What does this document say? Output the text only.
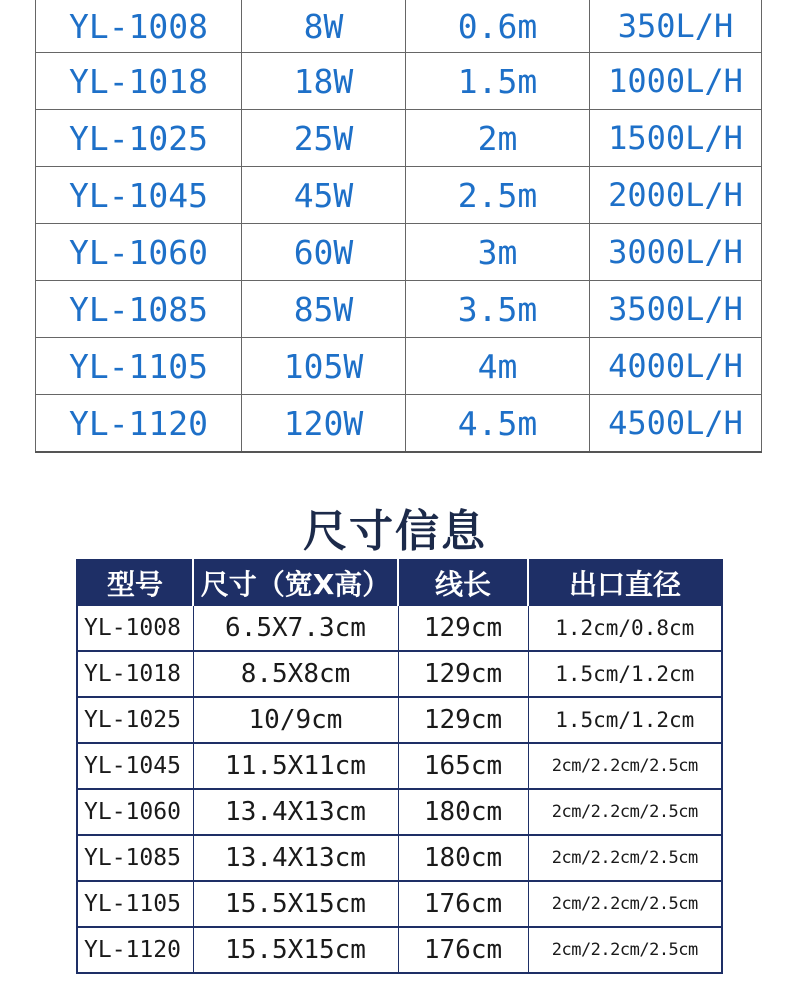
YL-1008	8W	0.6m	350L/H
YL-1018	18W	1.5m	1000L/H
YL-1025	25W	2m	1500L/H
YL-1045	45W	2.5m	2000L/H
YL-1060	60W	3m	3000L/H
YL-1085	85W	3.5m	3500L/H
YL-1105	105W	4m	4000L/H
YL-1120	120W	4.5m	4500L/H
尺寸信息
型号	尺寸（宽X高）	线长	出口直径
YL-1008	6.5X7.3cm	129cm	1.2cm/0.8cm
YL-1018	8.5X8cm	129cm	1.5cm/1.2cm
YL-1025	10/9cm	129cm	1.5cm/1.2cm
YL-1045	11.5X11cm	165cm	2cm/2.2cm/2.5cm
YL-1060	13.4X13cm	180cm	2cm/2.2cm/2.5cm
YL-1085	13.4X13cm	180cm	2cm/2.2cm/2.5cm
YL-1105	15.5X15cm	176cm	2cm/2.2cm/2.5cm
YL-1120	15.5X15cm	176cm	2cm/2.2cm/2.5cm
